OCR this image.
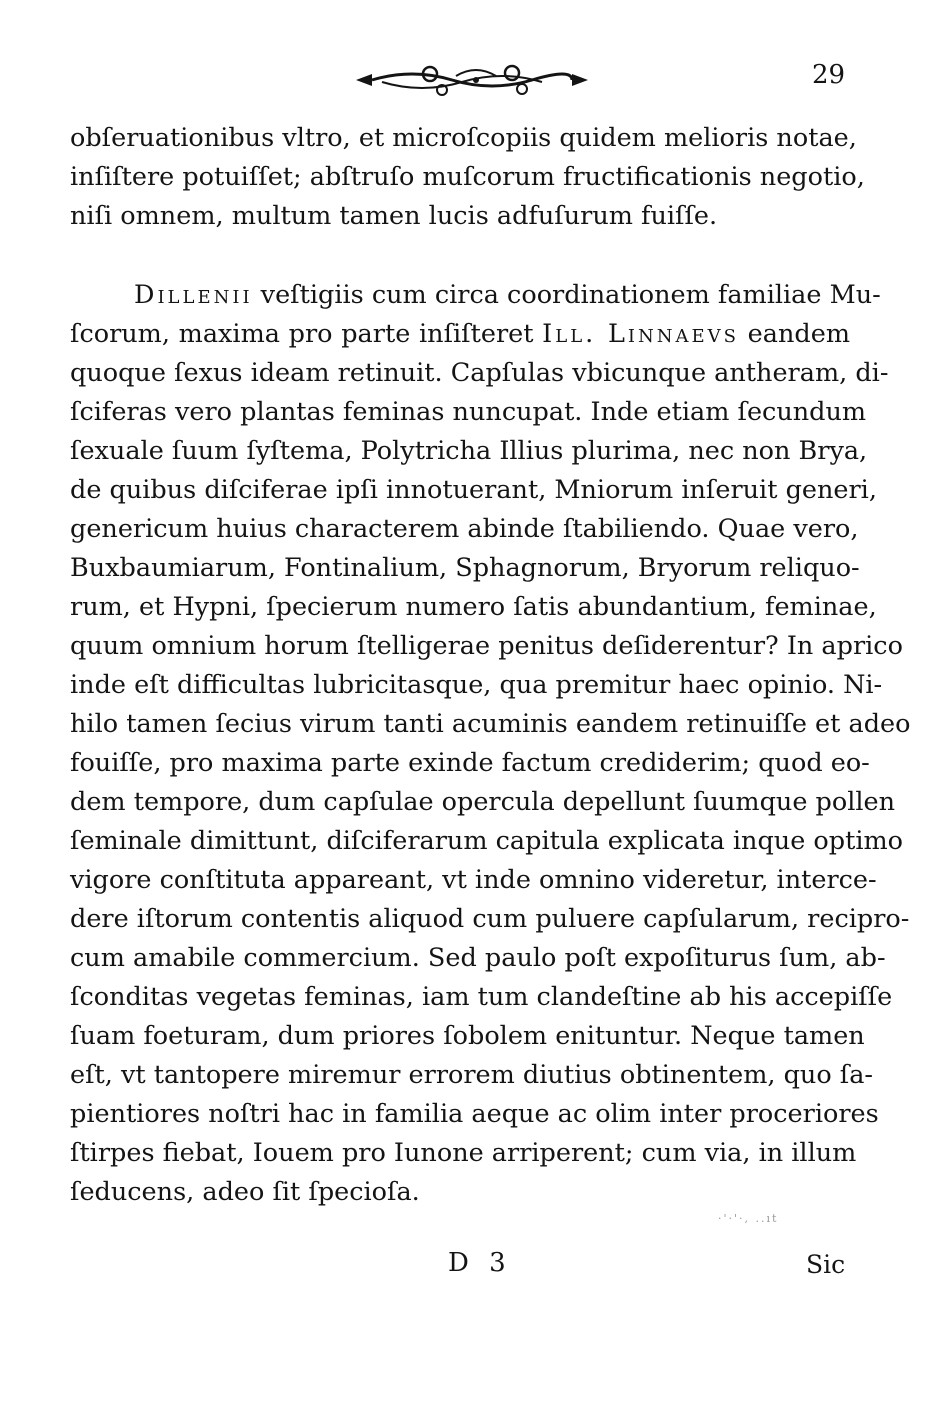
29
obſeruationibus vltro, et microſcopiis quidem melioris notae,
inſiſtere potuiſſet; abſtruſo muſcorum fructificationis negotio,
niſi omnem, multum tamen lucis adfuſurum fuiſſe.
Dillenii veſtigiis cum circa coordinationem familiae Mu-
ſcorum, maxima pro parte inſiſteret Ill. Linnaevs eandem
quoque ſexus ideam retinuit. Capſulas vbicunque antheram, di-
ſciferas vero plantas feminas nuncupat. Inde etiam ſecundum
ſexuale ſuum ſyſtema, Polytricha Illius plurima, nec non Brya,
de quibus diſciferae ipſi innotuerant, Mniorum inſeruit generi,
genericum huius characterem abinde ſtabiliendo. Quae vero,
Buxbaumiarum, Fontinalium, Sphagnorum, Bryorum reliquo-
rum, et Hypni, ſpecierum numero ſatis abundantium, feminae,
quum omnium horum ſtelligerae penitus deſiderentur? In aprico
inde eſt difficultas lubricitasque, qua premitur haec opinio. Ni-
hilo tamen ſecius virum tanti acuminis eandem retinuiſſe et adeo
fouiſſe, pro maxima parte exinde factum crediderim; quod eo-
dem tempore, dum capſulae opercula depellunt ſuumque pollen
ſeminale dimittunt, diſciferarum capitula explicata inque optimo
vigore conſtituta appareant, vt inde omnino videretur, interce-
dere iſtorum contentis aliquod cum puluere capſularum, recipro-
cum amabile commercium. Sed paulo poſt expoſiturus ſum, ab-
ſconditas vegetas feminas, iam tum clandeſtine ab his accepiſſe
ſuam foeturam, dum priores ſobolem enituntur. Neque tamen
eſt, vt tantopere miremur errorem diutius obtinentem, quo ſa-
pientiores noſtri hac in familia aeque ac olim inter proceriores
ſtirpes fiebat, Iouem pro Iunone arriperent; cum via, in illum
ſeducens, adeo ſit ſpecioſa.
·'·'·, ..ıt
D 3	Sic
